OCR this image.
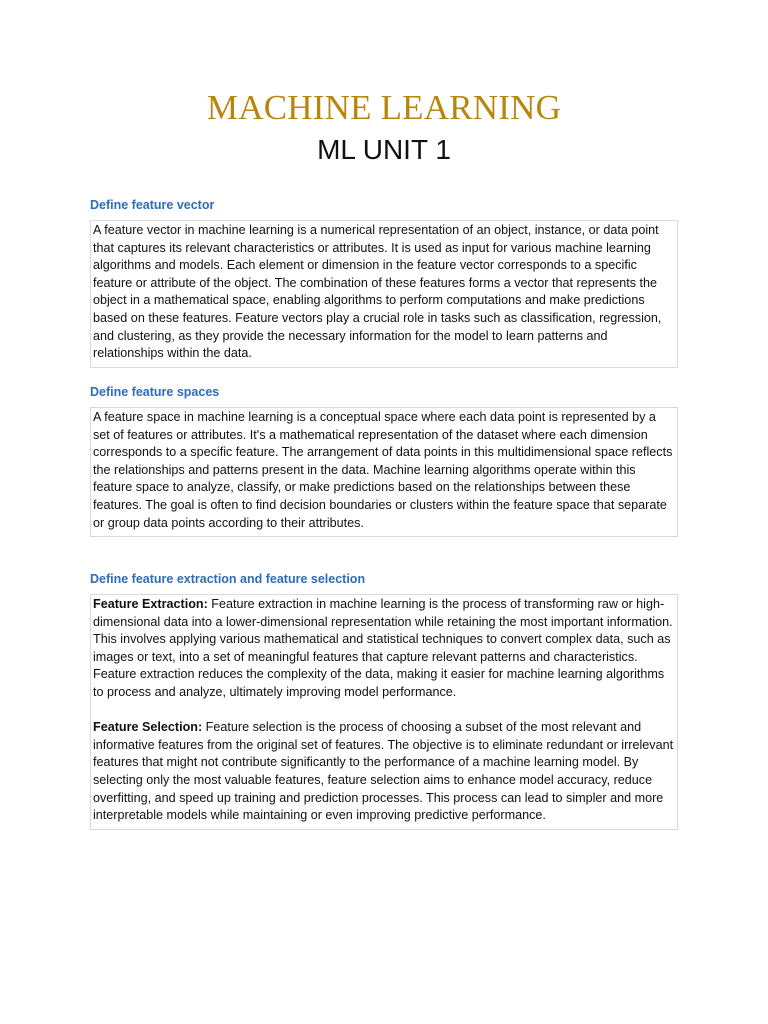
MACHINE LEARNING
ML UNIT 1
Define feature vector

A feature vector in machine learning is a numerical representation of an object, instance, or data point that captures its relevant characteristics or attributes. It is used as input for various machine learning algorithms and models. Each element or dimension in the feature vector corresponds to a specific feature or attribute of the object. The combination of these features forms a vector that represents the object in a mathematical space, enabling algorithms to perform computations and make predictions based on these features. Feature vectors play a crucial role in tasks such as classification, regression, and clustering, as they provide the necessary information for the model to learn patterns and relationships within the data.

Define feature spaces

A feature space in machine learning is a conceptual space where each data point is represented by a set of features or attributes. It's a mathematical representation of the dataset where each dimension corresponds to a specific feature. The arrangement of data points in this multidimensional space reflects the relationships and patterns present in the data. Machine learning algorithms operate within this feature space to analyze, classify, or make predictions based on the relationships between these features. The goal is often to find decision boundaries or clusters within the feature space that separate or group data points according to their attributes.

Define feature extraction and feature selection

Feature Extraction: Feature extraction in machine learning is the process of transforming raw or high-dimensional data into a lower-dimensional representation while retaining the most important information. This involves applying various mathematical and statistical techniques to convert complex data, such as images or text, into a set of meaningful features that capture relevant patterns and characteristics. Feature extraction reduces the complexity of the data, making it easier for machine learning algorithms to process and analyze, ultimately improving model performance.

Feature Selection: Feature selection is the process of choosing a subset of the most relevant and informative features from the original set of features. The objective is to eliminate redundant or irrelevant features that might not contribute significantly to the performance of a machine learning model. By selecting only the most valuable features, feature selection aims to enhance model accuracy, reduce overfitting, and speed up training and prediction processes. This process can lead to simpler and more interpretable models while maintaining or even improving predictive performance.
